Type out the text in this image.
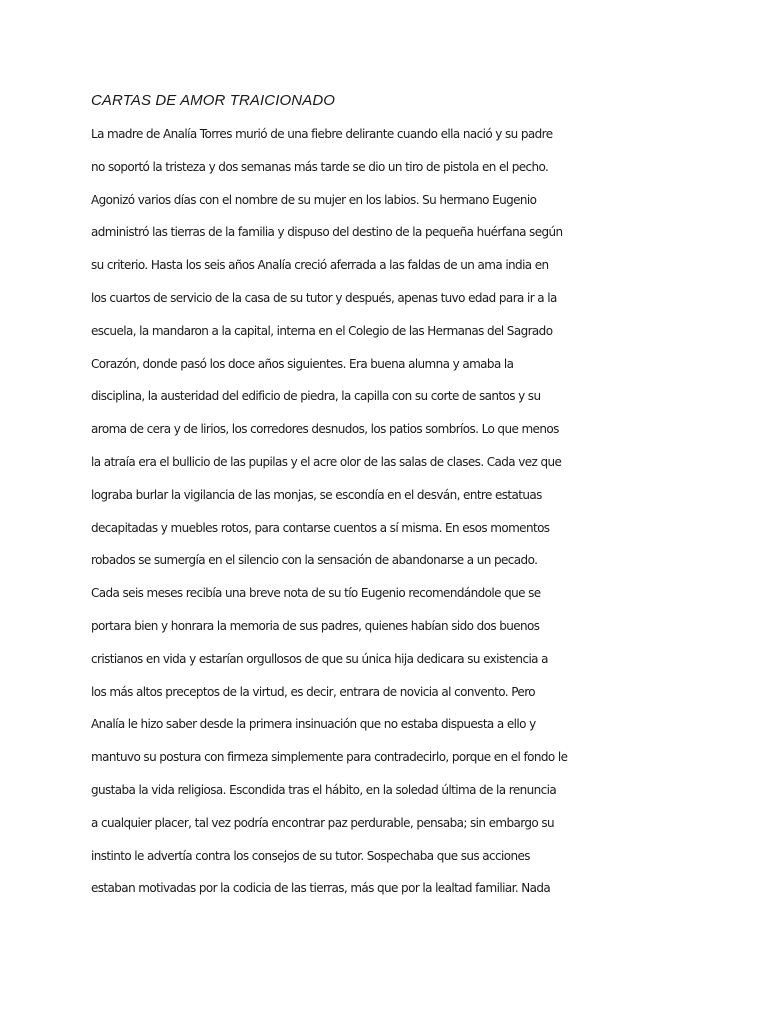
CARTAS DE AMOR TRAICIONADO
La madre de Analía Torres murió de una fiebre delirante cuando ella nació y su padre
no soportó la tristeza y dos semanas más tarde se dio un tiro de pistola en el pecho.
Agonizó varios días con el nombre de su mujer en los labios. Su hermano Eugenio
administró las tierras de la familia y dispuso del destino de la pequeña huérfana según
su criterio. Hasta los seis años Analía creció aferrada a las faldas de un ama india en
los cuartos de servicio de la casa de su tutor y después, apenas tuvo edad para ir a la
escuela, la mandaron a la capital, interna en el Colegio de las Hermanas del Sagrado
Corazón, donde pasó los doce años siguientes. Era buena alumna y amaba la
disciplina, la austeridad del edificio de piedra, la capilla con su corte de santos y su
aroma de cera y de lirios, los corredores desnudos, los patios sombríos. Lo que menos
la atraía era el bullicio de las pupilas y el acre olor de las salas de clases. Cada vez que
lograba burlar la vigilancia de las monjas, se escondía en el desván, entre estatuas
decapitadas y muebles rotos, para contarse cuentos a sí misma. En esos momentos
robados se sumergía en el silencio con la sensación de abandonarse a un pecado.
Cada seis meses recibía una breve nota de su tío Eugenio recomendándole que se
portara bien y honrara la memoria de sus padres, quienes habían sido dos buenos
cristianos en vida y estarían orgullosos de que su única hija dedicara su existencia a
los más altos preceptos de la virtud, es decir, entrara de novicia al convento. Pero
Analía le hizo saber desde la primera insinuación que no estaba dispuesta a ello y
mantuvo su postura con firmeza simplemente para contradecirlo, porque en el fondo le
gustaba la vida religiosa. Escondida tras el hábito, en la soledad última de la renuncia
a cualquier placer, tal vez podría encontrar paz perdurable, pensaba; sin embargo su
instinto le advertía contra los consejos de su tutor. Sospechaba que sus acciones
estaban motivadas por la codicia de las tierras, más que por la lealtad familiar. Nada
